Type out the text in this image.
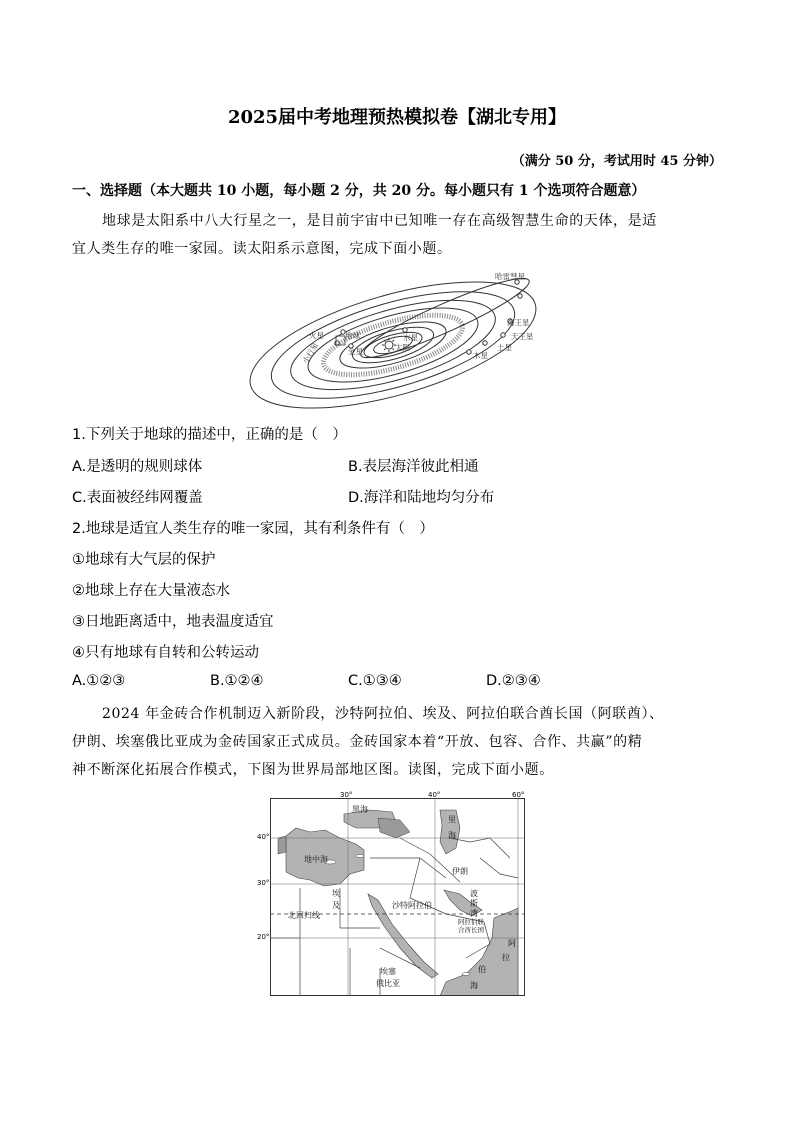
2025届中考地理预热模拟卷【湖北专用】
（满分 50 分，考试用时 45 分钟）
一、选择题（本大题共 10 小题，每小题 2 分，共 20 分。每小题只有 1 个选项符合题意）
地球是太阳系中八大行星之一，是目前宇宙中已知唯一存在高级智慧生命的天体，是适
宜人类生存的唯一家园。读太阳系示意图，完成下面小题。
哈雷彗星
海王星
天王星
土星
木星
火星	地球
金星
水星
太阳
小行星
1.下列关于地球的描述中，正确的是（　）
A.是透明的规则球体	B.表层海洋彼此相通
C.表面被经纬网覆盖	D.海洋和陆地均匀分布
2.地球是适宜人类生存的唯一家园，其有利条件有（　）
①地球有大气层的保护
②地球上存在大量液态水
③日地距离适中，地表温度适宜
④只有地球有自转和公转运动
A.①②③	B.①②④	C.①③④	D.②③④
2024 年金砖合作机制迈入新阶段，沙特阿拉伯、埃及、阿拉伯联合酋长国（阿联酋）、
伊朗、埃塞俄比亚成为金砖国家正式成员。金砖国家本着“开放、包容、合作、共赢”的精
神不断深化拓展合作模式，下图为世界局部地区图。读图，完成下面小题。
黑海
里
海
地中海
伊朗
埃
及	沙特阿拉伯
波
斯
湾
北回归线
埃塞
俄比亚
阿
拉
伯
海
阿拉伯联
合酋长国
30°	40°	60°
40°
30°
20°
